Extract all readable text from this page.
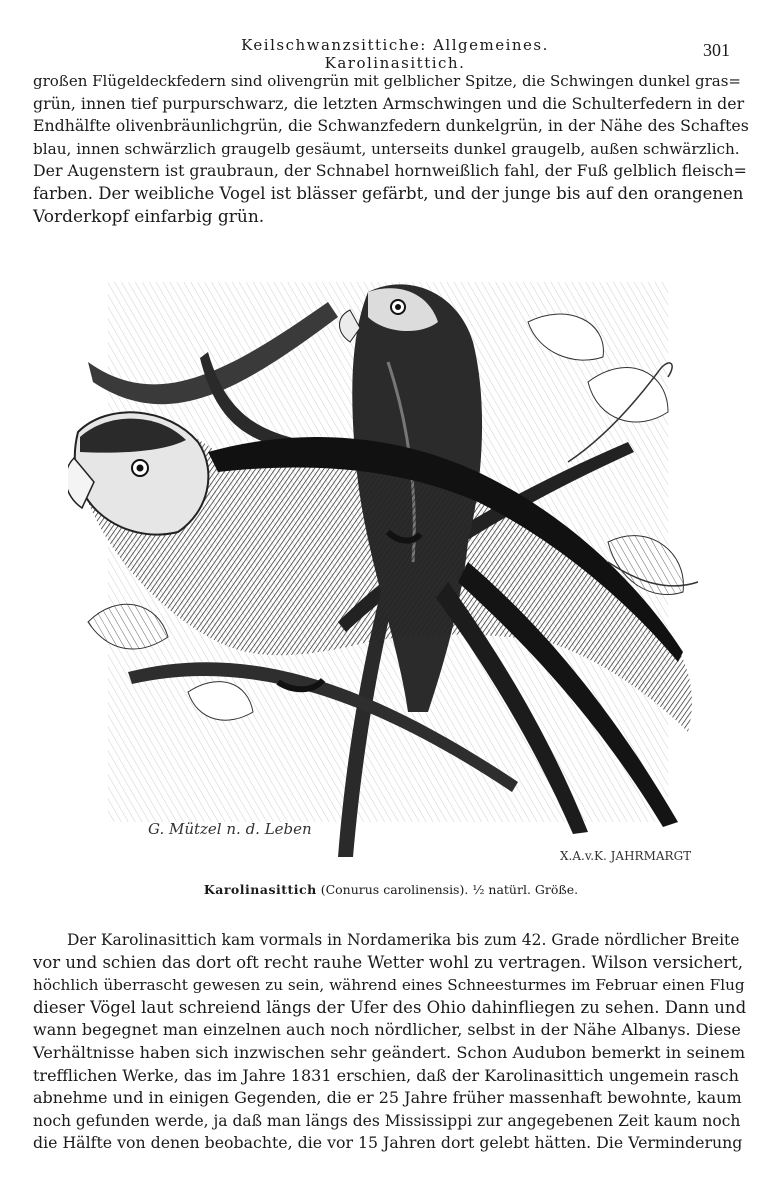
Keilschwanzsittiche: Allgemeines. Karolinasittich.
301
großen Flügeldeckfedern sind olivengrün mit gelblicher Spitze, die Schwingen dunkel gras=
grün, innen tief purpurschwarz, die letzten Armschwingen und die Schulterfedern in der
Endhälfte olivenbräunlichgrün, die Schwanzfedern dunkelgrün, in der Nähe des Schaftes
blau, innen schwärzlich graugelb gesäumt, unterseits dunkel graugelb, außen schwärzlich.
Der Augenstern ist graubraun, der Schnabel hornweißlich fahl, der Fuß gelblich fleisch=
farben. Der weibliche Vogel ist blässer gefärbt, und der junge bis auf den orangenen
Vorderkopf einfarbig grün.
G. Mützel n. d. Leben
X.A.v.K. JAHRMARGT
Karolinasittich (Conurus carolinensis). ½ natürl. Größe.
Der Karolinasittich kam vormals in Nordamerika bis zum 42. Grade nördlicher Breite
vor und schien das dort oft recht rauhe Wetter wohl zu vertragen. Wilson versichert,
höchlich überrascht gewesen zu sein, während eines Schneesturmes im Februar einen Flug
dieser Vögel laut schreiend längs der Ufer des Ohio dahinfliegen zu sehen. Dann und
wann begegnet man einzelnen auch noch nördlicher, selbst in der Nähe Albanys. Diese
Verhältnisse haben sich inzwischen sehr geändert. Schon Audubon bemerkt in seinem
trefflichen Werke, das im Jahre 1831 erschien, daß der Karolinasittich ungemein rasch
abnehme und in einigen Gegenden, die er 25 Jahre früher massenhaft bewohnte, kaum
noch gefunden werde, ja daß man längs des Mississippi zur angegebenen Zeit kaum noch
die Hälfte von denen beobachte, die vor 15 Jahren dort gelebt hätten. Die Verminderung
